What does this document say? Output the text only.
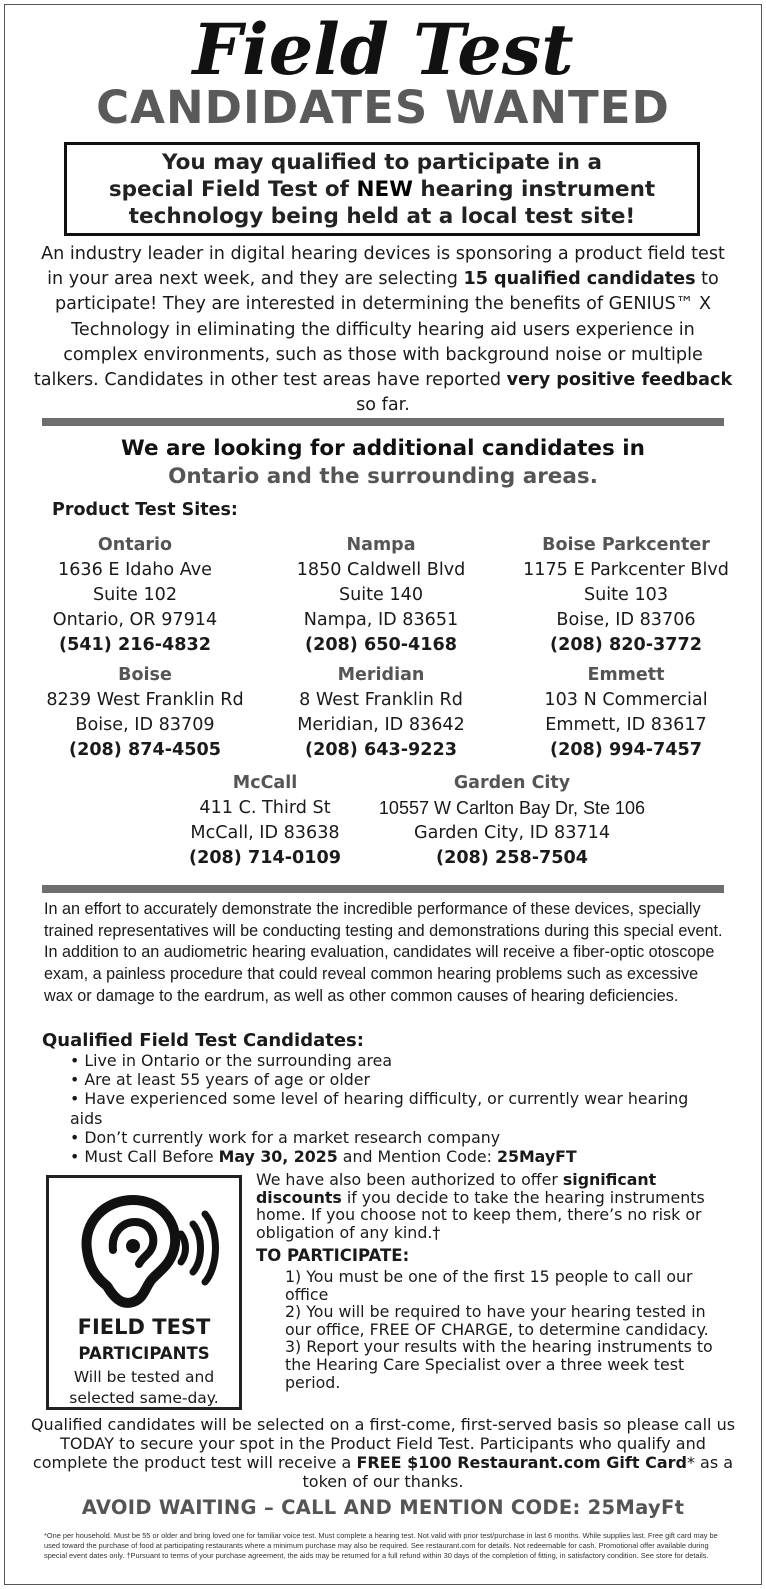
Field Test
CANDIDATES WANTED
You may qualified to participate in a
special Field Test of NEW hearing instrument
technology being held at a local test site!

An industry leader in digital hearing devices is sponsoring a product field test in your area next week, and they are selecting 15 qualified candidates to participate! They are interested in determining the benefits of GENIUS™ X Technology in eliminating the difficulty hearing aid users experience in complex environments, such as those with background noise or multiple talkers. Candidates in other test areas have reported very positive feedback so far.

We are looking for additional candidates in
Ontario and the surrounding areas.
Product Test Sites:
Ontario
1636 E Idaho Ave
Suite 102
Ontario, OR 97914
(541) 216-4832
Nampa
1850 Caldwell Blvd
Suite 140
Nampa, ID 83651
(208) 650-4168
Boise Parkcenter
1175 E Parkcenter Blvd
Suite 103
Boise, ID 83706
(208) 820-3772
Boise
8239 West Franklin Rd
Boise, ID 83709
(208) 874-4505
Meridian
8 West Franklin Rd
Meridian, ID 83642
(208) 643-9223
Emmett
103 N Commercial
Emmett, ID 83617
(208) 994-7457
McCall
411 C. Third St
McCall, ID 83638
(208) 714-0109
Garden City
10557 W Carlton Bay Dr, Ste 106
Garden City, ID 83714
(208) 258-7504
In an effort to accurately demonstrate the incredible performance of these devices, specially trained representatives will be conducting testing and demonstrations during this special event. In addition to an audiometric hearing evaluation, candidates will receive a fiber-optic otoscope exam, a painless procedure that could reveal common hearing problems such as excessive wax or damage to the eardrum, as well as other common causes of hearing deficiencies.
Qualified Field Test Candidates:
• Live in Ontario or the surrounding area
• Are at least 55 years of age or older
• Have experienced some level of hearing difficulty, or currently wear hearing aids
• Don’t currently work for a market research company
• Must Call Before May 30, 2025 and Mention Code: 25MayFT
FIELD TEST
PARTICIPANTS
Will be tested and
selected same-day.
We have also been authorized to offer significant discounts if you decide to take the hearing instruments home. If you choose not to keep them, there’s no risk or obligation of any kind.†
TO PARTICIPATE:
1) You must be one of the first 15 people to call our office
2) You will be required to have your hearing tested in our office, FREE OF CHARGE, to determine candidacy.
3) Report your results with the hearing instruments to the Hearing Care Specialist over a three week test period.
Qualified candidates will be selected on a first-come, first-served basis so please call us TODAY to secure your spot in the Product Field Test. Participants who qualify and complete the product test will receive a FREE $100 Restaurant.com Gift Card* as a token of our thanks.
AVOID WAITING – CALL AND MENTION CODE: 25MayFt
*One per household. Must be 55 or older and bring loved one for familiar voice test. Must complete a hearing test. Not valid with prior test/purchase in last 6 months. While supplies last. Free gift card may be used toward the purchase of food at participating restaurants where a minimum purchase may also be required. See restaurant.com for details. Not redeemable for cash. Promotional offer available during special event dates only. †Pursuant to terms of your purchase agreement, the aids may be returned for a full refund within 30 days of the completion of fitting, in satisfactory condition. See store for details.
